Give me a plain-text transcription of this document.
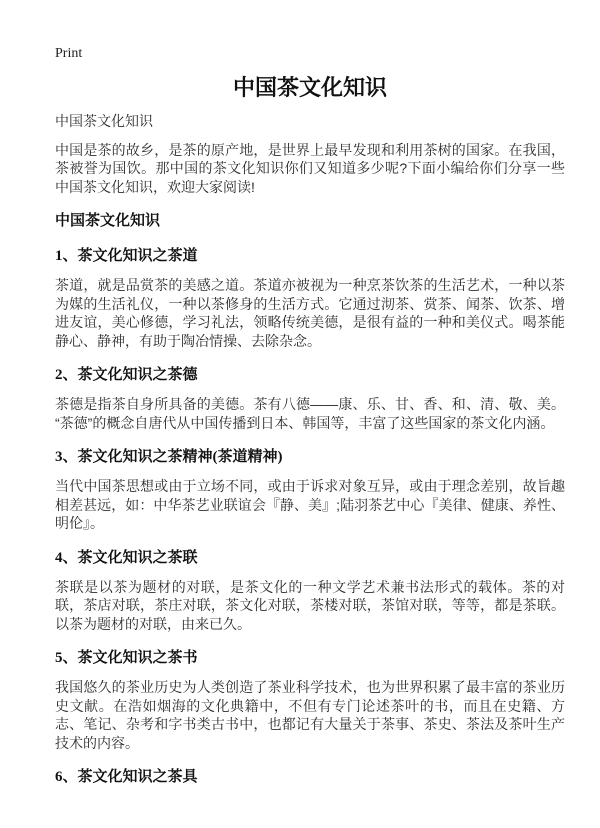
Print
中国茶文化知识

中国茶文化知识

中国是茶的故乡，是茶的原产地，是世界上最早发现和利用茶树的国家。在我国，茶被誉为国饮。那中国的茶文化知识你们又知道多少呢?下面小编给你们分享一些中国茶文化知识，欢迎大家阅读!

中国茶文化知识
1、茶文化知识之茶道

茶道，就是品赏茶的美感之道。茶道亦被视为一种烹茶饮茶的生活艺术，一种以茶为媒的生活礼仪，一种以茶修身的生活方式。它通过沏茶、赏茶、闻茶、饮茶、增进友谊，美心修德，学习礼法，领略传统美德，是很有益的一种和美仪式。喝茶能静心、静神，有助于陶冶情操、去除杂念。

2、茶文化知识之茶德

茶德是指茶自身所具备的美德。茶有八德——康、乐、甘、香、和、清、敬、美。“茶德”的概念自唐代从中国传播到日本、韩国等，丰富了这些国家的茶文化内涵。

3、茶文化知识之茶精神(茶道精神)

当代中国茶思想或由于立场不同，或由于诉求对象互异，或由于理念差别，故旨趣相差甚远，如：中华茶艺业联谊会『静、美』;陆羽茶艺中心『美律、健康、养性、明伦』。

4、茶文化知识之茶联

茶联是以茶为题材的对联，是茶文化的一种文学艺术兼书法形式的载体。茶的对联，茶店对联，茶庄对联，茶文化对联，茶楼对联，茶馆对联，等等，都是茶联。以茶为题材的对联，由来已久。

5、茶文化知识之茶书

我国悠久的茶业历史为人类创造了茶业科学技术，也为世界积累了最丰富的茶业历史文献。在浩如烟海的文化典籍中，不但有专门论述茶叶的书，而且在史籍、方志、笔记、杂考和字书类古书中，也都记有大量关于茶事、茶史、茶法及茶叶生产技术的内容。

6、茶文化知识之茶具
